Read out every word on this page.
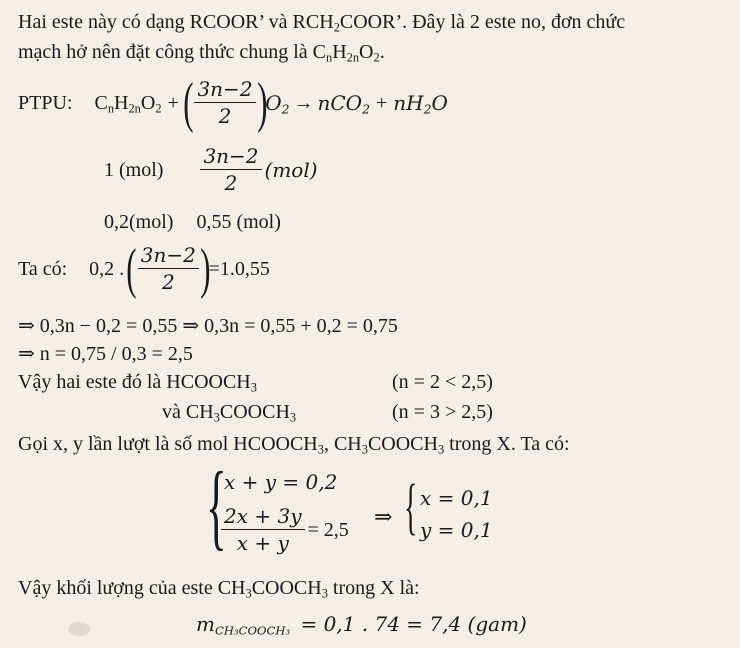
Hai este này có dạng RCOOR’ và $RCH_2COOR$’. Đây là 2 este no, đơn chức
mạch hở nên đặt công thức chung là $C_nH_{2n}O_2$.
PTPU: $C_nH_{2n}O_2$ + ( $\frac{3n-2}{2}$ )
$O_2 \to nCO_2 + nH_2O$
1 $(mol) \frac{3n-2}{2} (mol)$
0,2(mol) 0,55 (mol)
Ta có: 0,2 . ( $\frac{3n-2}{2}$ )
=1.0,55
⇒ 0,3n − 0,2 = 0,55 ⇒ 0,3n = 0,55 + 0,2 = 0,75
⇒ n = 0,75 / 0,3 = 2,5
Vậy hai este đó là $HCOOCH_3$	(n = 2 < 2,5)
và $CH_3COOCH_3$	(n = 3 > 2,5)
Gọi x, y lần lượt là số mol $HCOOCH_3$, $CH_3COOCH_3$ trong X. Ta có:
{
x + y = 0,2
$\frac{2x + 3y}{x + y} = 2,5$
⇒ { x = 0,1
y = 0,1
Vậy khối lượng của este $CH_3COOCH_3$ trong X là:
$m_{CH_3COOCH_3} = 0,1$ . 74 = 7,4 (gam)
